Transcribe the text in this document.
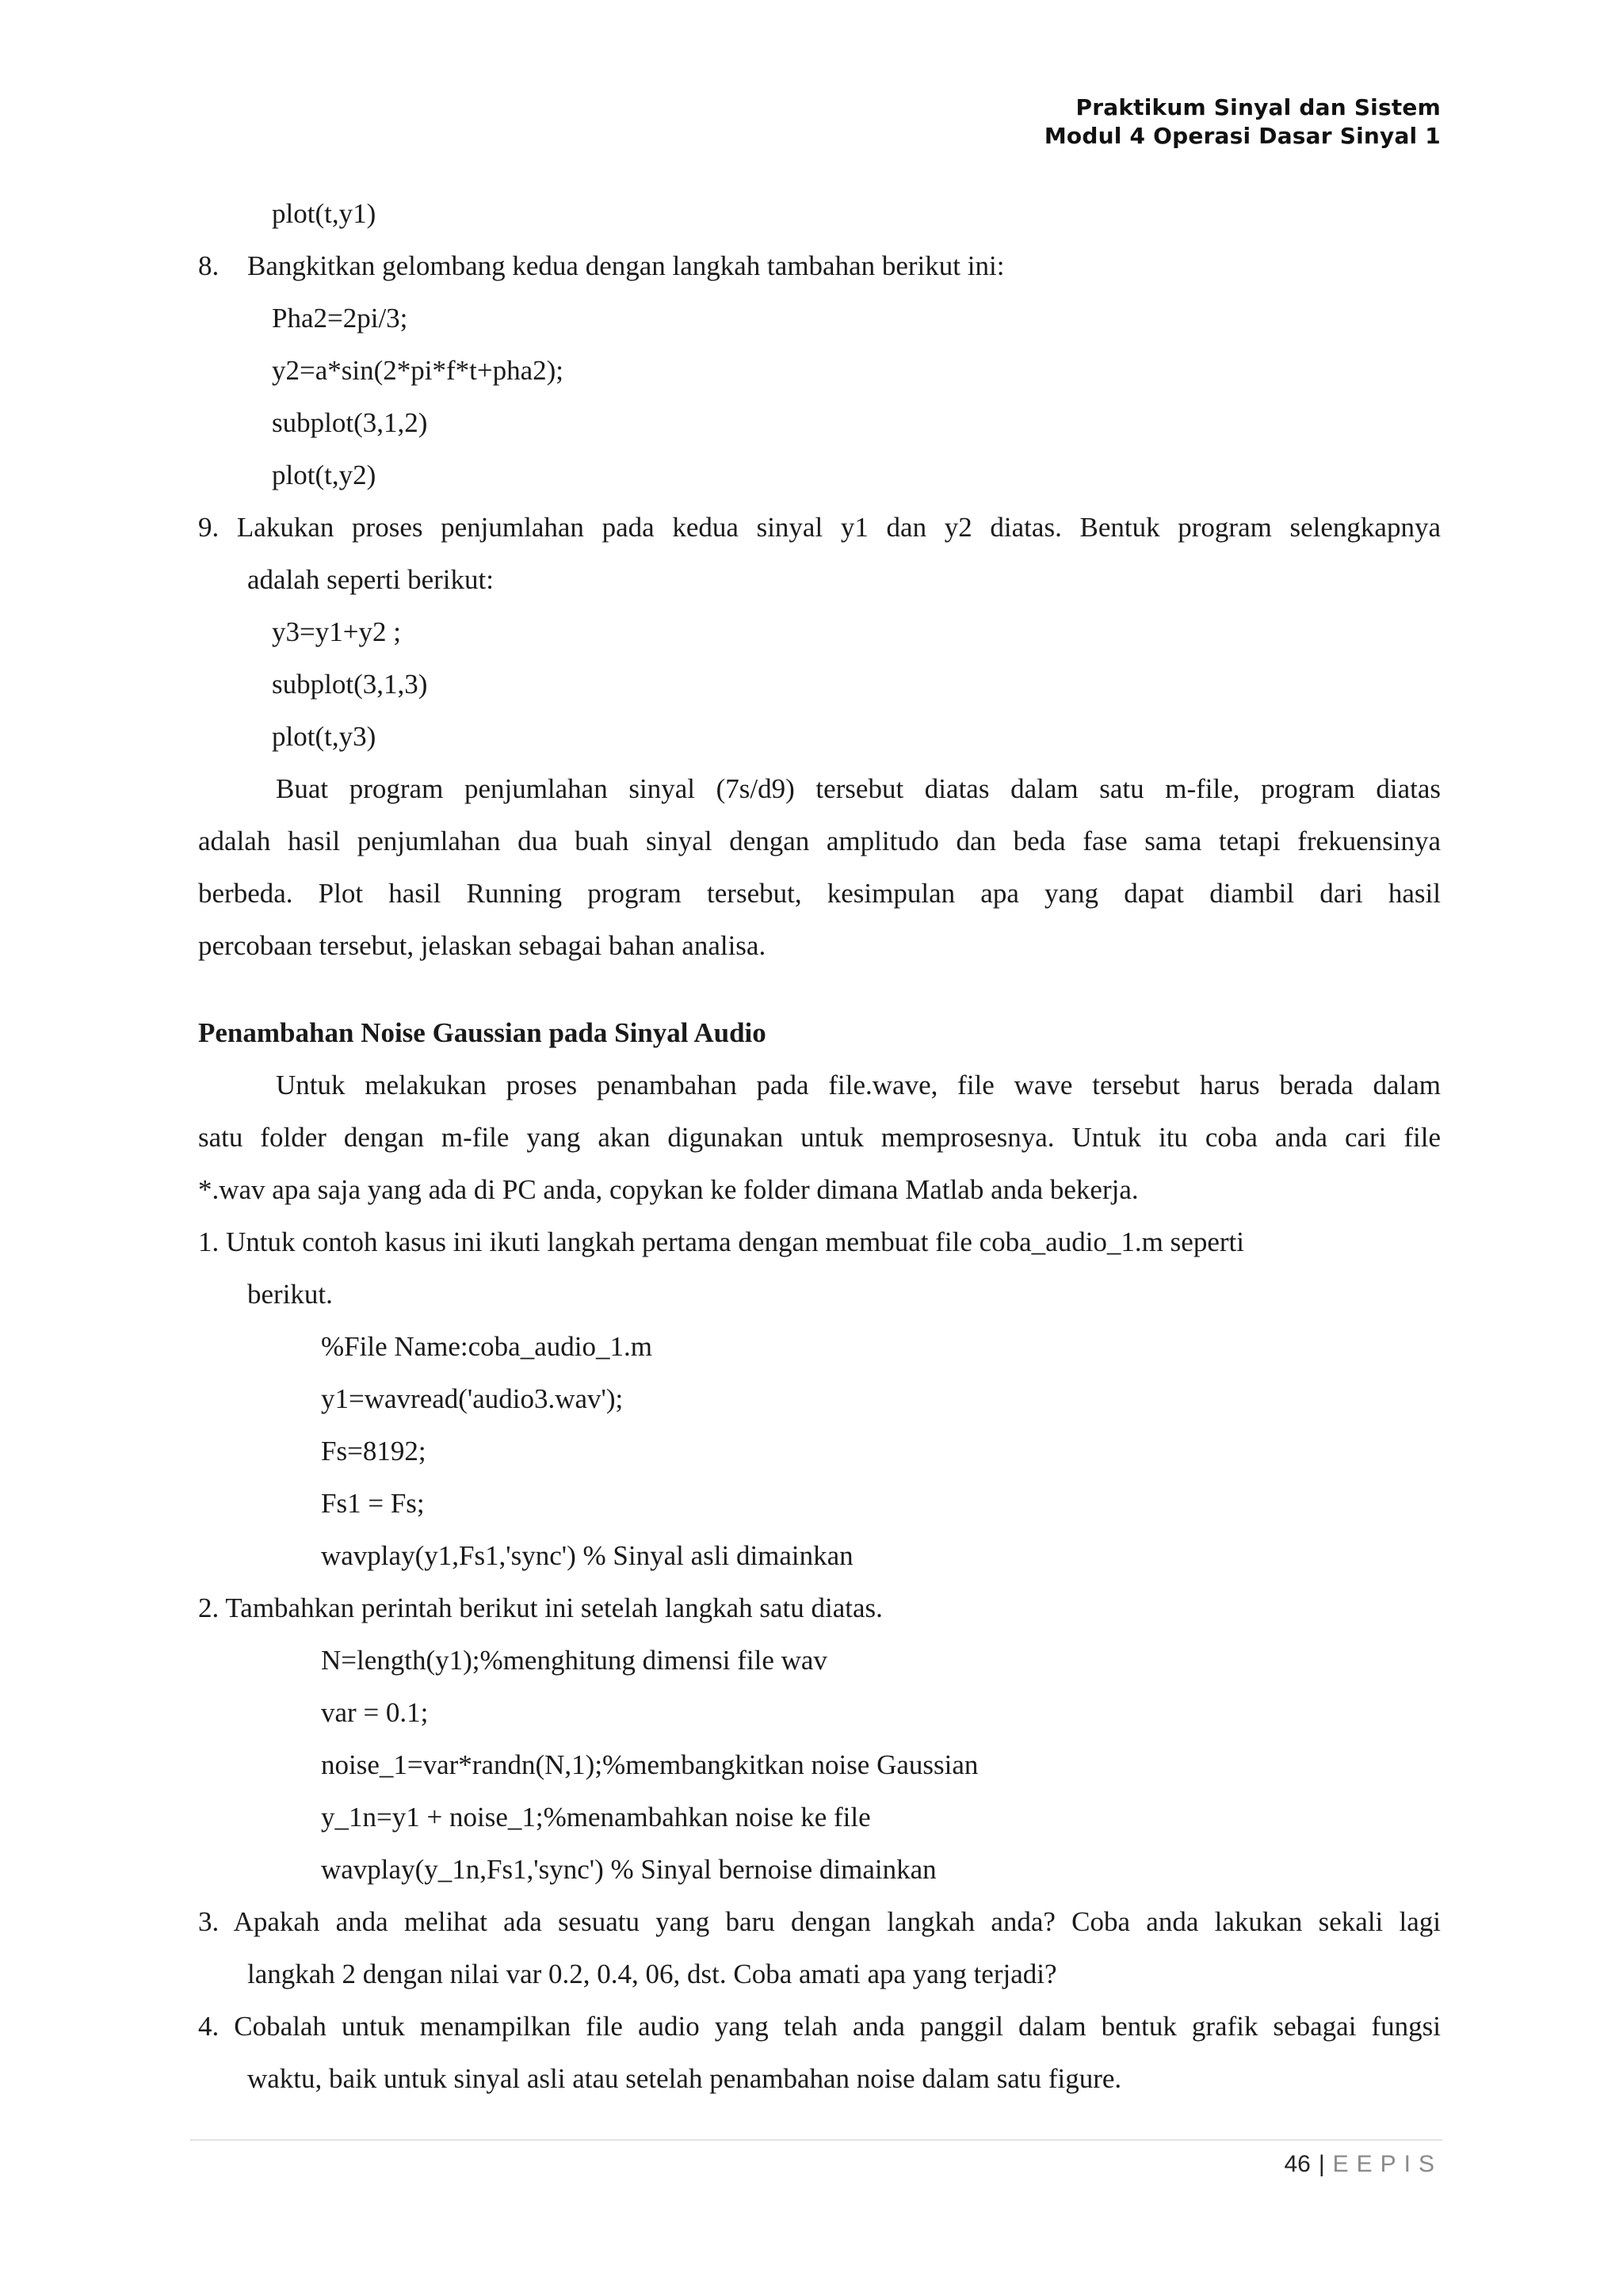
Praktikum Sinyal dan Sistem
Modul 4 Operasi Dasar Sinyal 1
plot(t,y1)
8. Bangkitkan gelombang kedua dengan langkah tambahan berikut ini:
Pha2=2pi/3;
y2=a*sin(2*pi*f*t+pha2);
subplot(3,1,2)
plot(t,y2)
9. Lakukan proses penjumlahan pada kedua sinyal y1 dan y2 diatas. Bentuk program selengkapnya
adalah seperti berikut:
y3=y1+y2 ;
subplot(3,1,3)
plot(t,y3)
Buat program penjumlahan sinyal (7s/d9) tersebut diatas dalam satu m-file, program diatas
adalah hasil penjumlahan dua buah sinyal dengan amplitudo dan beda fase sama tetapi frekuensinya
berbeda. Plot hasil Running program tersebut, kesimpulan apa yang dapat diambil dari hasil
percobaan tersebut, jelaskan sebagai bahan analisa.
Penambahan Noise Gaussian pada Sinyal Audio
Untuk melakukan proses penambahan pada file.wave, file wave tersebut harus berada dalam
satu folder dengan m-file yang akan digunakan untuk memprosesnya. Untuk itu coba anda cari file
*.wav apa saja yang ada di PC anda, copykan ke folder dimana Matlab anda bekerja.
1. Untuk contoh kasus ini ikuti langkah pertama dengan membuat file coba_audio_1.m seperti
berikut.
%File Name:coba_audio_1.m
y1=wavread('audio3.wav');
Fs=8192;
Fs1 = Fs;
wavplay(y1,Fs1,'sync') % Sinyal asli dimainkan
2. Tambahkan perintah berikut ini setelah langkah satu diatas.
N=length(y1);%menghitung dimensi file wav
var = 0.1;
noise_1=var*randn(N,1);%membangkitkan noise Gaussian
y_1n=y1 + noise_1;%menambahkan noise ke file
wavplay(y_1n,Fs1,'sync') % Sinyal bernoise dimainkan
3. Apakah anda melihat ada sesuatu yang baru dengan langkah anda? Coba anda lakukan sekali lagi
langkah 2 dengan nilai var 0.2, 0.4, 06, dst. Coba amati apa yang terjadi?
4. Cobalah untuk menampilkan file audio yang telah anda panggil dalam bentuk grafik sebagai fungsi
waktu, baik untuk sinyal asli atau setelah penambahan noise dalam satu figure.
46 | EEPIS
